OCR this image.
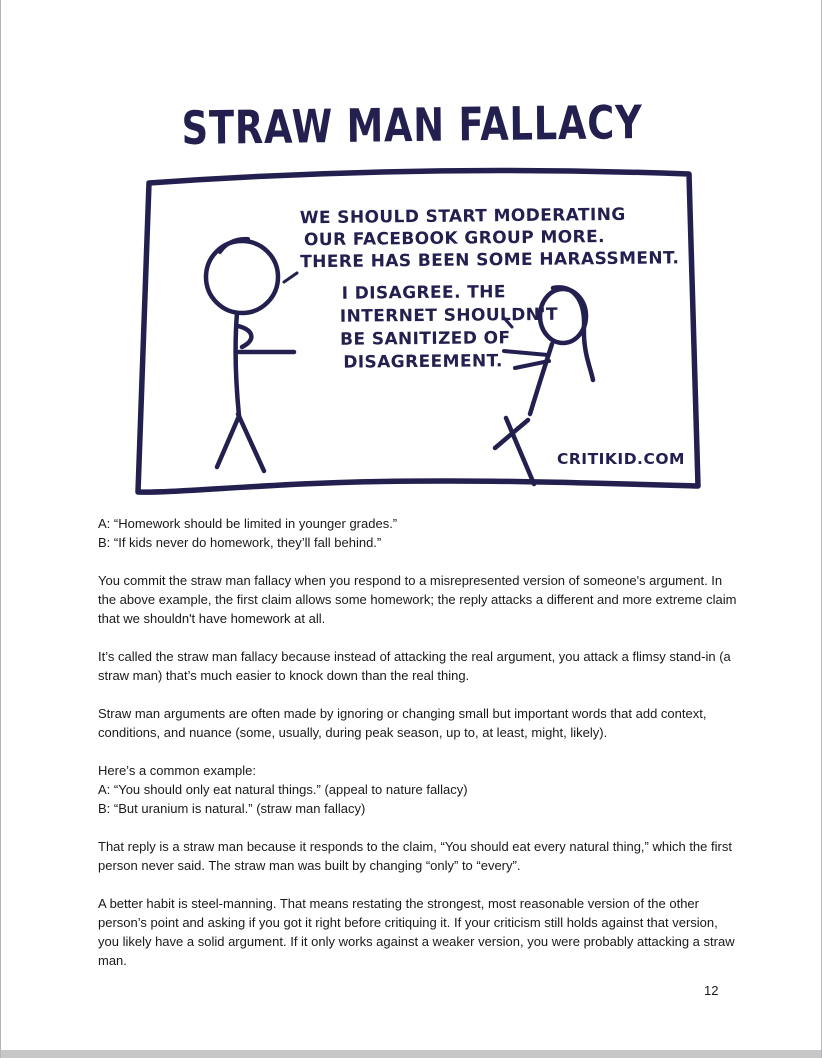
STRAW MAN FALLACY
WE SHOULD START MODERATING
OUR FACEBOOK GROUP MORE.
THERE HAS BEEN SOME HARASSMENT.
I DISAGREE. THE
INTERNET SHOULDN'T
BE SANITIZED OF
DISAGREEMENT.
CRITIKID.COM
A: “Homework should be limited in younger grades.”
B: “If kids never do homework, they’ll fall behind.”

You commit the straw man fallacy when you respond to a misrepresented version of someone's argument. In the above example, the first claim allows some homework; the reply attacks a different and more extreme claim that we shouldn't have homework at all.

It’s called the straw man fallacy because instead of attacking the real argument, you attack a flimsy stand-in (a straw man) that’s much easier to knock down than the real thing.

Straw man arguments are often made by ignoring or changing small but important words that add context, conditions, and nuance (some, usually, during peak season, up to, at least, might, likely).

Here’s a common example:
A: “You should only eat natural things.” (appeal to nature fallacy)
B: “But uranium is natural.” (straw man fallacy)

That reply is a straw man because it responds to the claim, “You should eat every natural thing,” which the first person never said. The straw man was built by changing “only” to “every”.

A better habit is steel-manning. That means restating the strongest, most reasonable version of the other person’s point and asking if you got it right before critiquing it. If your criticism still holds against that version, you likely have a solid argument. If it only works against a weaker version, you were probably attacking a straw man.

12
